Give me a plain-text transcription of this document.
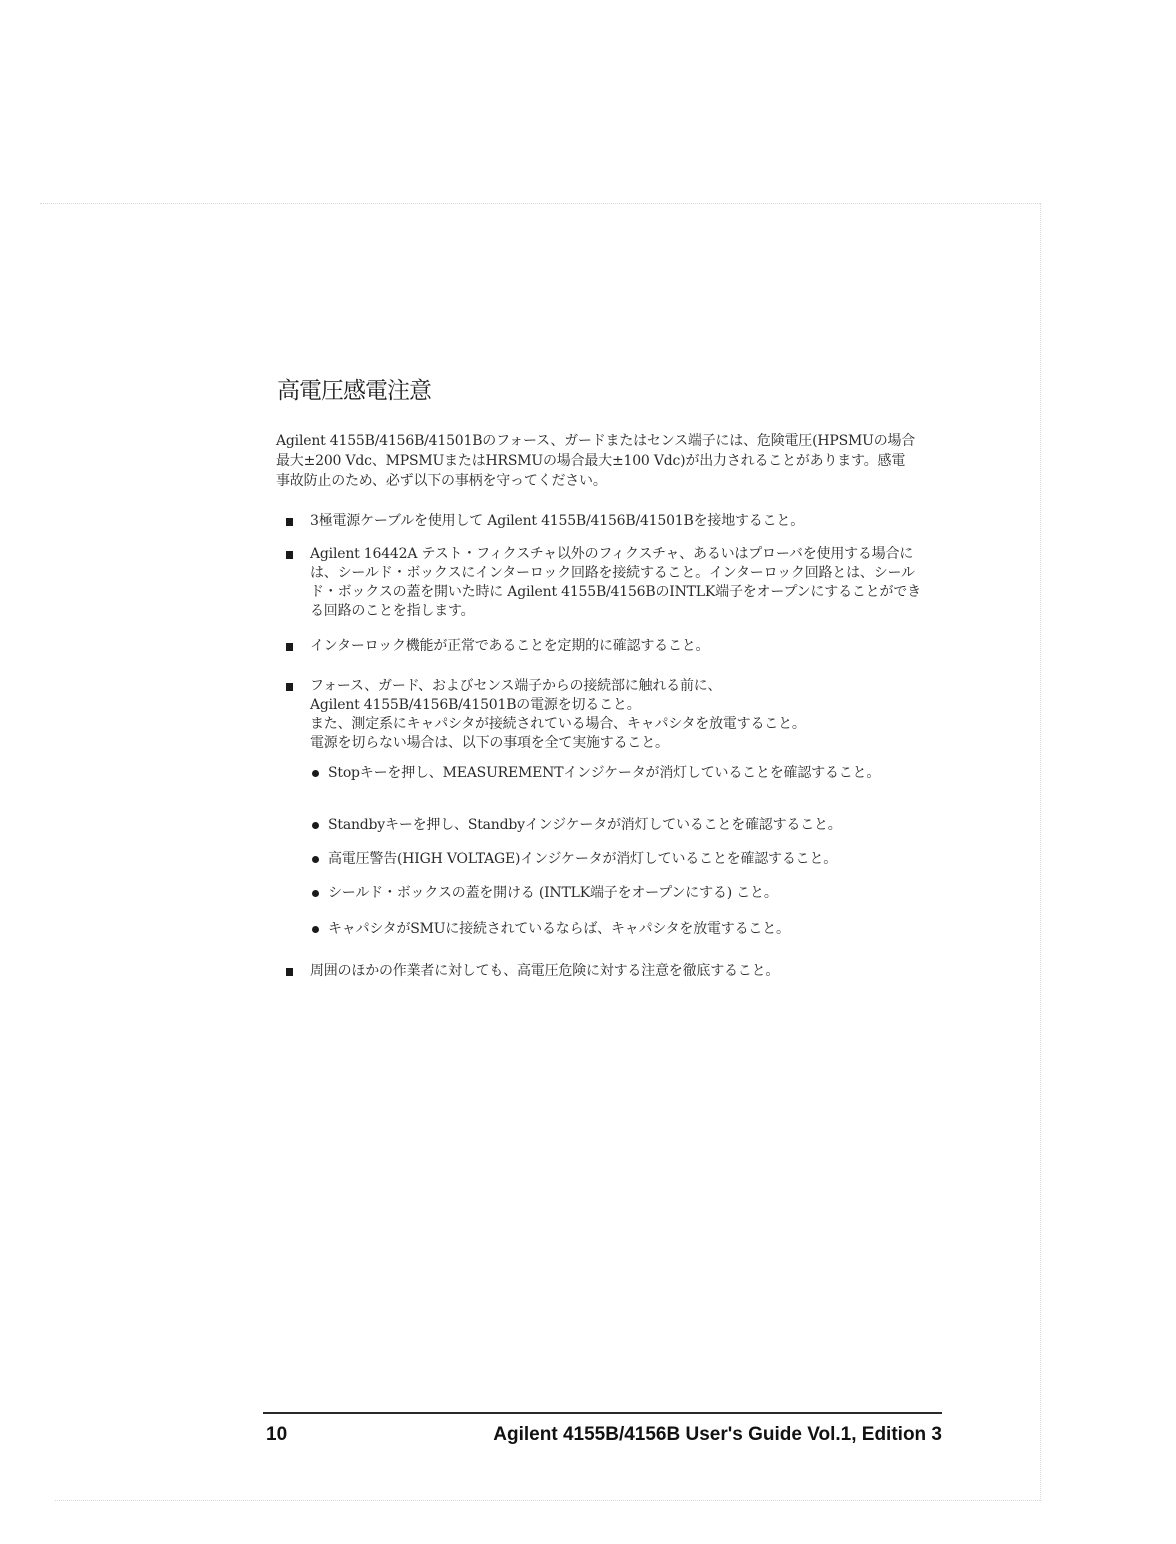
高電圧感電注意

Agilent 4155B/4156B/41501Bのフォース、ガードまたはセンス端子には、危険電圧(HPSMUの場合最大±200 Vdc、MPSMUまたはHRSMUの場合最大±100 Vdc)が出力されることがあります。感電事故防止のため、必ず以下の事柄を守ってください。

3極電源ケーブルを使用して Agilent 4155B/4156B/41501Bを接地すること。

Agilent 16442A テスト・フィクスチャ以外のフィクスチャ、あるいはプローバを使用する場合には、シールド・ボックスにインターロック回路を接続すること。インターロック回路とは、シールド・ボックスの蓋を開いた時に Agilent 4155B/4156BのINTLK端子をオープンにすることができる回路のことを指します。

インターロック機能が正常であることを定期的に確認すること。

フォース、ガード、およびセンス端子からの接続部に触れる前に、
Agilent 4155B/4156B/41501Bの電源を切ること。
また、測定系にキャパシタが接続されている場合、キャパシタを放電すること。
電源を切らない場合は、以下の事項を全て実施すること。

Stopキーを押し、MEASUREMENTインジケータが消灯していることを確認すること。

Standbyキーを押し、Standbyインジケータが消灯していることを確認すること。

高電圧警告(HIGH VOLTAGE)インジケータが消灯していることを確認すること。

シールド・ボックスの蓋を開ける (INTLK端子をオープンにする) こと。

キャパシタがSMUに接続されているならば、キャパシタを放電すること。

周囲のほかの作業者に対しても、高電圧危険に対する注意を徹底すること。

10	Agilent 4155B/4156B User's Guide Vol.1, Edition 3
